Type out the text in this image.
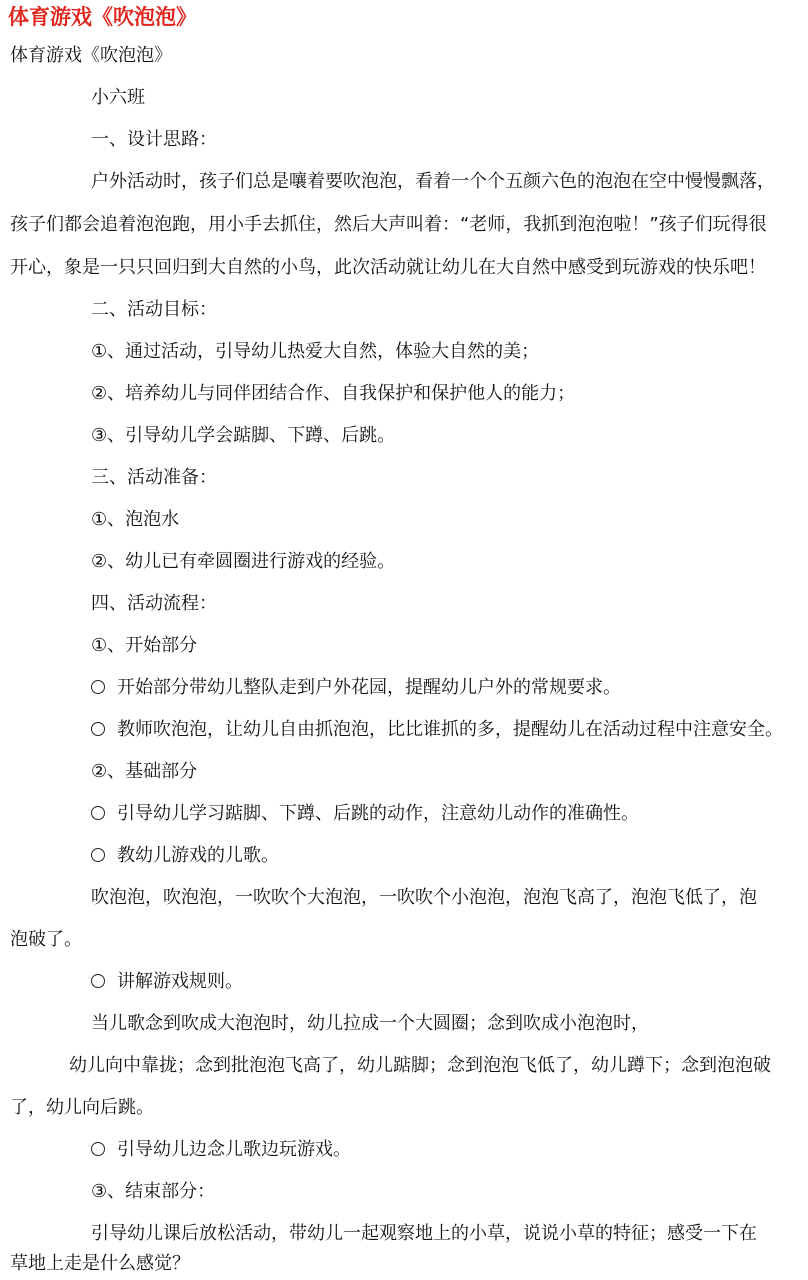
体育游戏《吹泡泡》
体育游戏《吹泡泡》
小六班
一、设计思路：
户外活动时，孩子们总是嚷着要吹泡泡，看着一个个五颜六色的泡泡在空中慢慢飘落，
孩子们都会追着泡泡跑，用小手去抓住，然后大声叫着：“老师，我抓到泡泡啦！”孩子们玩得很
开心，象是一只只回归到大自然的小鸟，此次活动就让幼儿在大自然中感受到玩游戏的快乐吧！
二、活动目标：
①、通过活动，引导幼儿热爱大自然，体验大自然的美；
②、培养幼儿与同伴团结合作、自我保护和保护他人的能力；
③、引导幼儿学会踮脚、下蹲、后跳。
三、活动准备：
①、泡泡水
②、幼儿已有牵圆圈进行游戏的经验。
四、活动流程：
①、开始部分
开始部分带幼儿整队走到户外花园，提醒幼儿户外的常规要求。
教师吹泡泡，让幼儿自由抓泡泡，比比谁抓的多，提醒幼儿在活动过程中注意安全。
②、基础部分
引导幼儿学习踮脚、下蹲、后跳的动作，注意幼儿动作的准确性。
教幼儿游戏的儿歌。
吹泡泡，吹泡泡，一吹吹个大泡泡，一吹吹个小泡泡，泡泡飞高了，泡泡飞低了，泡
泡破了。
讲解游戏规则。
当儿歌念到吹成大泡泡时，幼儿拉成一个大圆圈；念到吹成小泡泡时，
幼儿向中靠拢；念到批泡泡飞高了，幼儿踮脚；念到泡泡飞低了，幼儿蹲下；念到泡泡破
了，幼儿向后跳。
引导幼儿边念儿歌边玩游戏。
③、结束部分：
引导幼儿课后放松活动，带幼儿一起观察地上的小草，说说小草的特征；感受一下在
草地上走是什么感觉？
